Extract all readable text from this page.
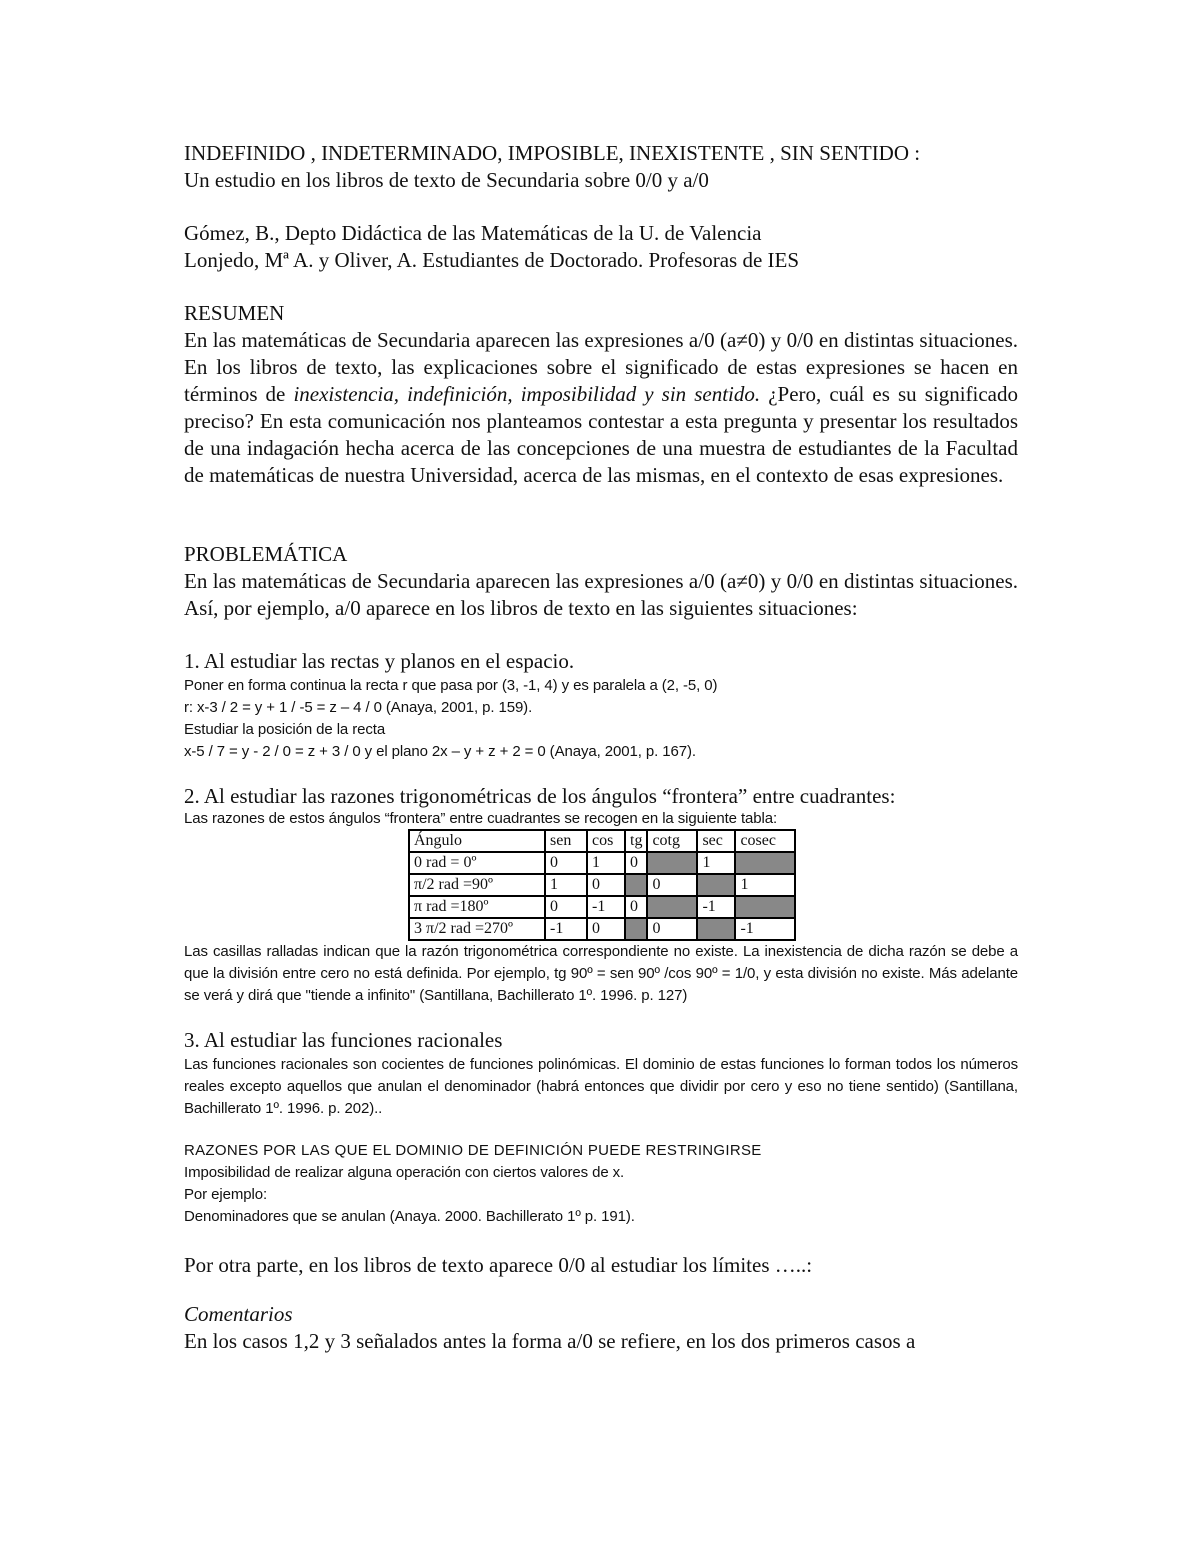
INDEFINIDO , INDETERMINADO, IMPOSIBLE, INEXISTENTE , SIN SENTIDO :

Un estudio en los libros de texto de Secundaria sobre 0/0 y a/0

Gómez, B., Depto Didáctica de las Matemáticas de la U. de Valencia

Lonjedo, Mª A. y Oliver, A. Estudiantes de Doctorado. Profesoras de IES

RESUMEN

En las matemáticas de Secundaria aparecen las expresiones a/0 (a≠0) y 0/0 en distintas situaciones. En los libros de texto, las explicaciones sobre el significado de estas expresiones se hacen en términos de inexistencia, indefinición, imposibilidad y sin sentido. ¿Pero, cuál es su significado preciso? En esta comunicación nos planteamos contestar a esta pregunta y presentar los resultados de una indagación hecha acerca de las concepciones de una muestra de estudiantes de la Facultad de matemáticas de nuestra Universidad, acerca de las mismas, en el contexto de esas expresiones.

PROBLEMÁTICA

En las matemáticas de Secundaria aparecen las expresiones a/0 (a≠0) y 0/0 en distintas situaciones. Así, por ejemplo, a/0 aparece en los libros de texto en las siguientes situaciones:

1. Al estudiar las rectas y planos en el espacio.

Poner en forma continua la recta r que pasa por (3, -1, 4) y es paralela a (2, -5, 0)

r: x-3 / 2 = y + 1 / -5 = z – 4 / 0 (Anaya, 2001, p. 159).

Estudiar la posición de la recta

x-5 / 7 = y - 2 / 0 = z + 3 / 0 y el plano 2x – y + z + 2 = 0 (Anaya, 2001, p. 167).

2. Al estudiar las razones trigonométricas de los ángulos “frontera” entre cuadrantes:

Las razones de estos ángulos “frontera” entre cuadrantes se recogen en la siguiente tabla:

Ángulo	sen	cos	tg	cotg	sec	cosec
0 rad = 0º	0	1	0		1	
π/2 rad =90º	1	0		0		1
π rad =180º	0	-1	0		-1	
3 π/2 rad =270º	-1	0		0		-1

Las casillas ralladas indican que la razón trigonométrica correspondiente no existe. La inexistencia de dicha razón se debe a que la división entre cero no está definida. Por ejemplo, tg 90º = sen 90º /cos 90º = 1/0, y esta división no existe. Más adelante se verá y dirá que "tiende a infinito" (Santillana, Bachillerato 1º. 1996. p. 127)

3. Al estudiar las funciones racionales

Las funciones racionales son cocientes de funciones polinómicas. El dominio de estas funciones lo forman todos los números reales excepto aquellos que anulan el denominador (habrá entonces que dividir por cero y eso no tiene sentido) (Santillana, Bachillerato 1º. 1996. p. 202)..

RAZONES POR LAS QUE EL DOMINIO DE DEFINICIÓN PUEDE RESTRINGIRSE

Imposibilidad de realizar alguna operación con ciertos valores de x.

Por ejemplo:

Denominadores que se anulan (Anaya. 2000. Bachillerato 1º p. 191).

Por otra parte, en los libros de texto aparece 0/0 al estudiar los límites …..:

Comentarios

En los casos 1,2 y 3 señalados antes la forma a/0 se refiere, en los dos primeros casos a
